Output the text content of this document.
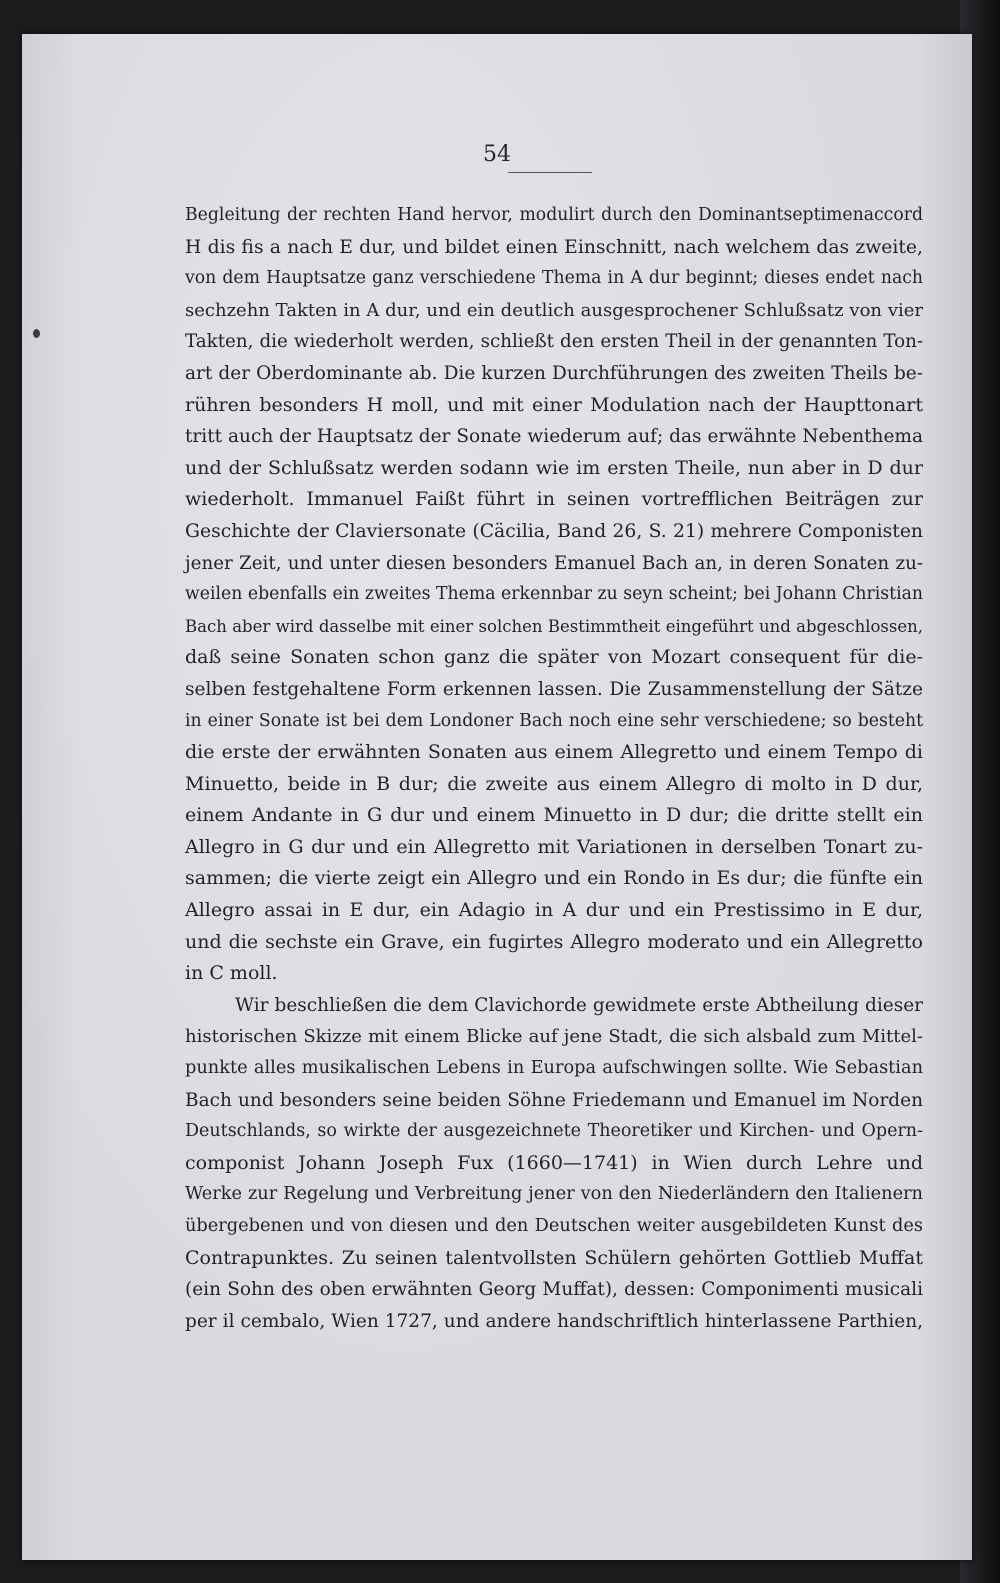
54
Begleitung der rechten Hand hervor, modulirt durch den Dominantseptimenaccord
H dis fis a nach E dur, und bildet einen Einschnitt, nach welchem das zweite,
von dem Hauptsatze ganz verschiedene Thema in A dur beginnt; dieses endet nach
sechzehn Takten in A dur, und ein deutlich ausgesprochener Schlußsatz von vier
Takten, die wiederholt werden, schließt den ersten Theil in der genannten Ton-
art der Oberdominante ab. Die kurzen Durchführungen des zweiten Theils be-
rühren besonders H moll, und mit einer Modulation nach der Haupttonart
tritt auch der Hauptsatz der Sonate wiederum auf; das erwähnte Nebenthema
und der Schlußsatz werden sodann wie im ersten Theile, nun aber in D dur
wiederholt. Immanuel Faißt führt in seinen vortrefflichen Beiträgen zur
Geschichte der Claviersonate (Cäcilia, Band 26, S. 21) mehrere Componisten
jener Zeit, und unter diesen besonders Emanuel Bach an, in deren Sonaten zu-
weilen ebenfalls ein zweites Thema erkennbar zu seyn scheint; bei Johann Christian
Bach aber wird dasselbe mit einer solchen Bestimmtheit eingeführt und abgeschlossen,
daß seine Sonaten schon ganz die später von Mozart consequent für die-
selben festgehaltene Form erkennen lassen. Die Zusammenstellung der Sätze
in einer Sonate ist bei dem Londoner Bach noch eine sehr verschiedene; so besteht
die erste der erwähnten Sonaten aus einem Allegretto und einem Tempo di
Minuetto, beide in B dur; die zweite aus einem Allegro di molto in D dur,
einem Andante in G dur und einem Minuetto in D dur; die dritte stellt ein
Allegro in G dur und ein Allegretto mit Variationen in derselben Tonart zu-
sammen; die vierte zeigt ein Allegro und ein Rondo in Es dur; die fünfte ein
Allegro assai in E dur, ein Adagio in A dur und ein Prestissimo in E dur,
und die sechste ein Grave, ein fugirtes Allegro moderato und ein Allegretto
in C moll.
Wir beschließen die dem Clavichorde gewidmete erste Abtheilung dieser
historischen Skizze mit einem Blicke auf jene Stadt, die sich alsbald zum Mittel-
punkte alles musikalischen Lebens in Europa aufschwingen sollte. Wie Sebastian
Bach und besonders seine beiden Söhne Friedemann und Emanuel im Norden
Deutschlands, so wirkte der ausgezeichnete Theoretiker und Kirchen- und Opern-
componist Johann Joseph Fux (1660—1741) in Wien durch Lehre und
Werke zur Regelung und Verbreitung jener von den Niederländern den Italienern
übergebenen und von diesen und den Deutschen weiter ausgebildeten Kunst des
Contrapunktes. Zu seinen talentvollsten Schülern gehörten Gottlieb Muffat
(ein Sohn des oben erwähnten Georg Muffat), dessen: Componimenti musicali
per il cembalo, Wien 1727, und andere handschriftlich hinterlassene Parthien,
